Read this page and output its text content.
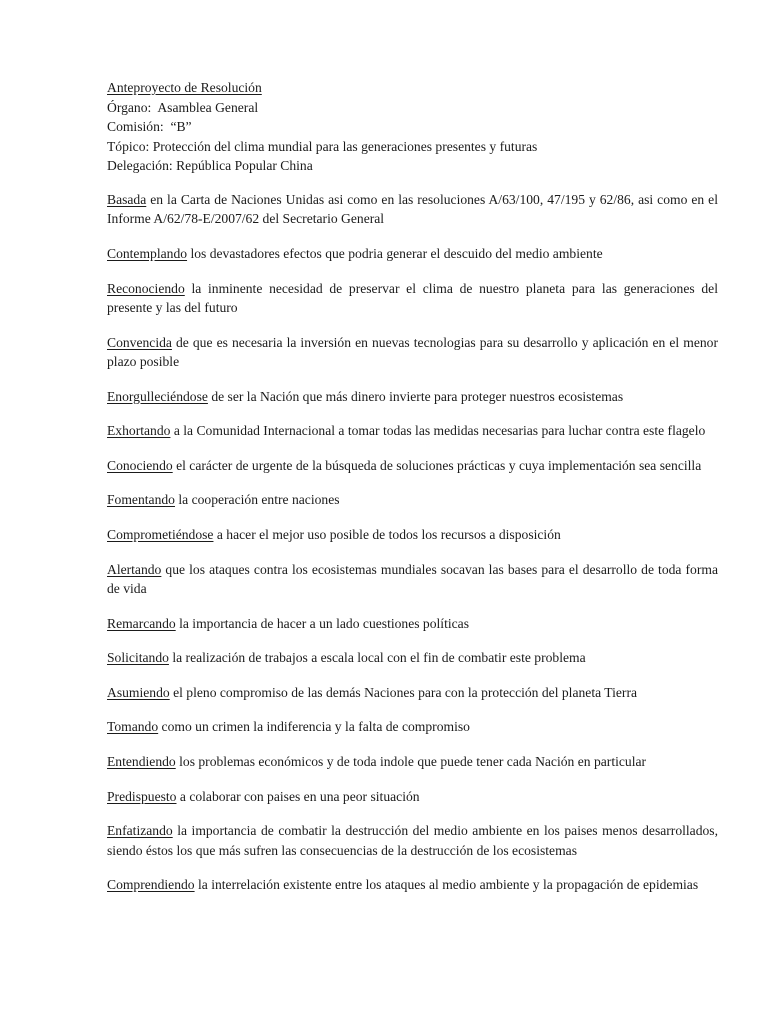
Anteproyecto de Resolución

Órgano: Asamblea General

Comisión: “B”

Tópico: Protección del clima mundial para las generaciones presentes y futuras

Delegación: República Popular China

Basada en la Carta de Naciones Unidas asi como en las resoluciones A/63/100, 47/195 y 62/86, asi como en el Informe A/62/78-E/2007/62 del Secretario General

Contemplando los devastadores efectos que podria generar el descuido del medio ambiente

Reconociendo la inminente necesidad de preservar el clima de nuestro planeta para las generaciones del presente y las del futuro

Convencida de que es necesaria la inversión en nuevas tecnologias para su desarrollo y aplicación en el menor plazo posible

Enorgulleciéndose de ser la Nación que más dinero invierte para proteger nuestros ecosistemas

Exhortando a la Comunidad Internacional a tomar todas las medidas necesarias para luchar contra este flagelo

Conociendo el carácter de urgente de la búsqueda de soluciones prácticas y cuya implementación sea sencilla

Fomentando la cooperación entre naciones

Comprometiéndose a hacer el mejor uso posible de todos los recursos a disposición

Alertando que los ataques contra los ecosistemas mundiales socavan las bases para el desarrollo de toda forma de vida

Remarcando la importancia de hacer a un lado cuestiones políticas

Solicitando la realización de trabajos a escala local con el fin de combatir este problema

Asumiendo el pleno compromiso de las demás Naciones para con la protección del planeta Tierra

Tomando como un crimen la indiferencia y la falta de compromiso

Entendiendo los problemas económicos y de toda indole que puede tener cada Nación en particular

Predispuesto a colaborar con paises en una peor situación

Enfatizando la importancia de combatir la destrucción del medio ambiente en los paises menos desarrollados, siendo éstos los que más sufren las consecuencias de la destrucción de los ecosistemas

Comprendiendo la interrelación existente entre los ataques al medio ambiente y la propagación de epidemias
